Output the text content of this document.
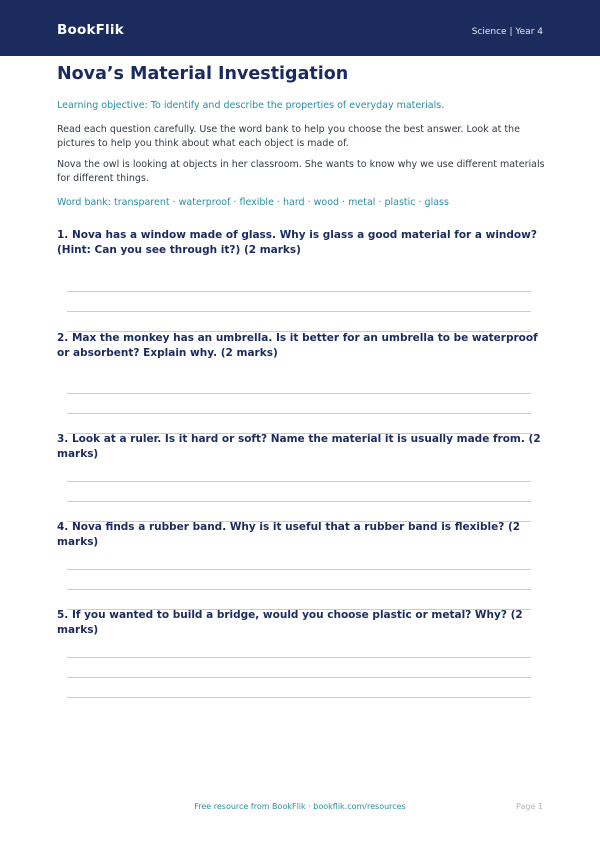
BookFlik	Science | Year 4
Nova’s Material Investigation
Learning objective: To identify and describe the properties of everyday materials.
Read each question carefully. Use the word bank to help you choose the best answer. Look at the pictures to help you think about what each object is made of.
Nova the owl is looking at objects in her classroom. She wants to know why we use different materials for different things.
Word bank: transparent · waterproof · flexible · hard · wood · metal · plastic · glass
1. Nova has a window made of glass. Why is glass a good material for a window? (Hint: Can you see through it?) (2 marks)
2. Max the monkey has an umbrella. Is it better for an umbrella to be waterproof or absorbent? Explain why. (2 marks)
3. Look at a ruler. Is it hard or soft? Name the material it is usually made from. (2 marks)
4. Nova finds a rubber band. Why is it useful that a rubber band is flexible? (2 marks)
5. If you wanted to build a bridge, would you choose plastic or metal? Why? (2 marks)
Free resource from BookFlik · bookflik.com/resources	Page 1
